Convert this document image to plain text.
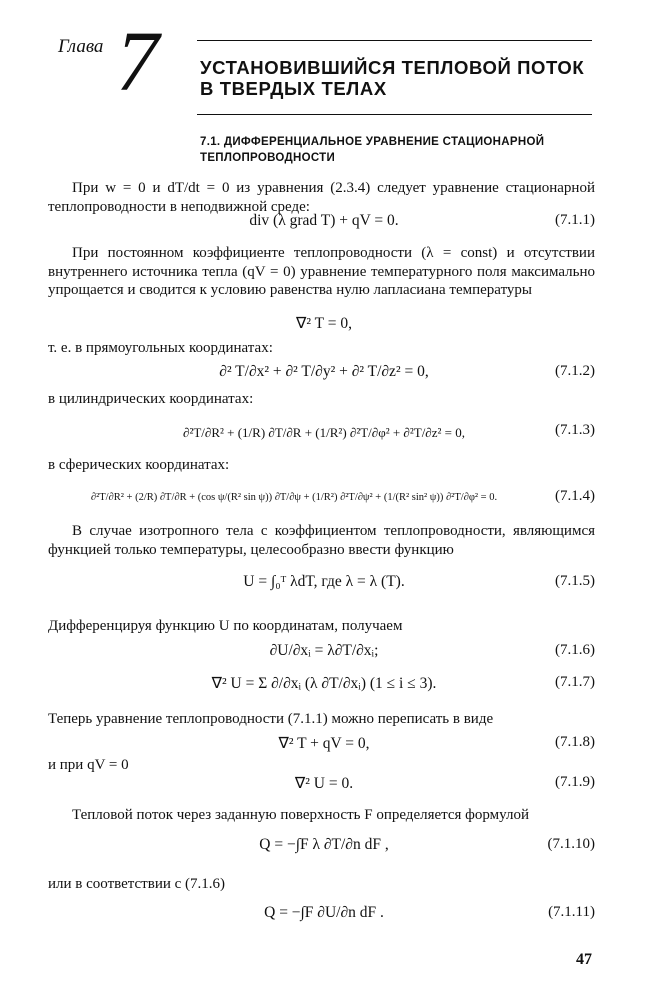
Глава 7 УСТАНОВИВШИЙСЯ ТЕПЛОВОЙ ПОТОК В ТВЕРДЫХ ТЕЛАХ
7.1. ДИФФЕРЕНЦИАЛЬНОЕ УРАВНЕНИЕ СТАЦИОНАРНОЙ ТЕПЛОПРОВОДНОСТИ

При w = 0 и dT/dt = 0 из уравнения (2.3.4) следует уравнение стационарной теплопроводности в неподвижной среде:

div (λ grad T) + qV = 0.	(7.1.1)

При постоянном коэффициенте теплопроводности (λ = const) и отсутствии внутреннего источника тепла (qV = 0) уравнение температурного поля максимально упрощается и сводится к условию равенства нулю лапласиана температуры

∇² T = 0,

т. е. в прямоугольных координатах:

∂² T/∂x² + ∂² T/∂y² + ∂² T/∂z² = 0,	(7.1.2)

в цилиндрических координатах:

∂²T/∂R² + (1/R) ∂T/∂R + (1/R²) ∂²T/∂φ² + ∂²T/∂z² = 0,	(7.1.3)

в сферических координатах:

∂²T/∂R² + (2/R) ∂T/∂R + (cos ψ/(R² sin ψ)) ∂T/∂ψ + (1/R²) ∂²T/∂ψ² + (1/(R² sin² ψ)) ∂²T/∂φ² = 0.	(7.1.4)

В случае изотропного тела с коэффициентом теплопроводности, являющимся функцией только температуры, целесообразно ввести функцию

U = ∫₀ᵀ λdT, где λ = λ (T).	(7.1.5)

Дифференцируя функцию U по координатам, получаем

∂U/∂xᵢ = λ∂T/∂xᵢ;	(7.1.6)
∇² U = Σ ∂/∂xᵢ (λ ∂T/∂xᵢ) (1 ≤ i ≤ 3).	(7.1.7)

Теперь уравнение теплопроводности (7.1.1) можно переписать в виде

∇² T + qV = 0,	(7.1.8)

и при qV = 0

∇² U = 0.	(7.1.9)

Тепловой поток через заданную поверхность F определяется формулой

Q = −∫F λ ∂T/∂n dF ,	(7.1.10)

или в соответствии с (7.1.6)

Q = −∫F ∂U/∂n dF .	(7.1.11)
47
